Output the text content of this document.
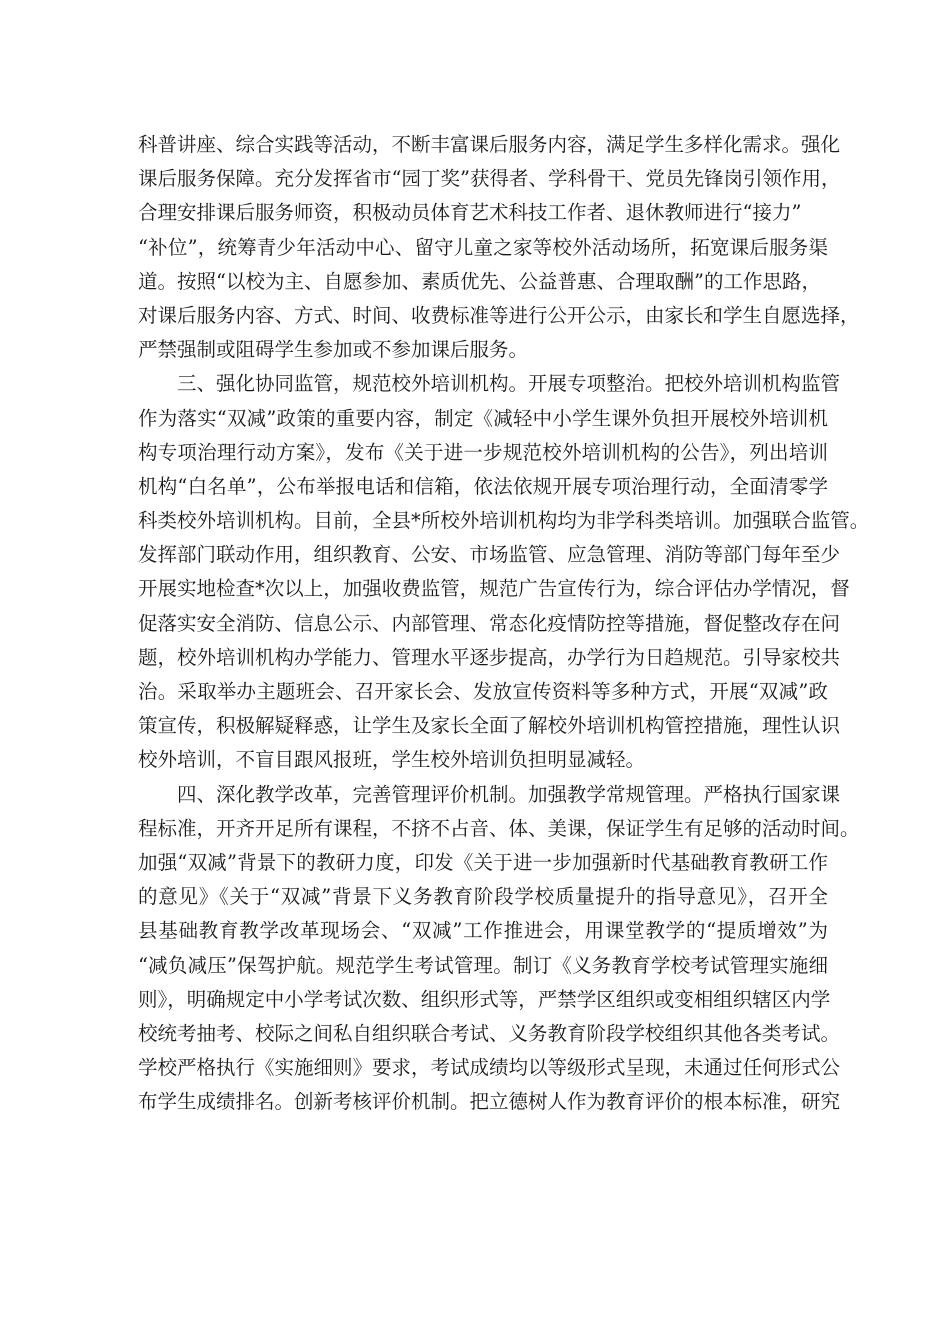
科普讲座、综合实践等活动，不断丰富课后服务内容，满足学生多样化需求。强化
课后服务保障。充分发挥省市“园丁奖”获得者、学科骨干、党员先锋岗引领作用，
合理安排课后服务师资，积极动员体育艺术科技工作者、退休教师进行“接力”
“补位”，统筹青少年活动中心、留守儿童之家等校外活动场所，拓宽课后服务渠
道。按照“以校为主、自愿参加、素质优先、公益普惠、合理取酬”的工作思路，
对课后服务内容、方式、时间、收费标准等进行公开公示，由家长和学生自愿选择，
严禁强制或阻碍学生参加或不参加课后服务。
三、强化协同监管，规范校外培训机构。开展专项整治。把校外培训机构监管
作为落实“双减”政策的重要内容，制定《减轻中小学生课外负担开展校外培训机
构专项治理行动方案》，发布《关于进一步规范校外培训机构的公告》，列出培训
机构“白名单”，公布举报电话和信箱，依法依规开展专项治理行动，全面清零学
科类校外培训机构。目前，全县*所校外培训机构均为非学科类培训。加强联合监管。
发挥部门联动作用，组织教育、公安、市场监管、应急管理、消防等部门每年至少
开展实地检查*次以上，加强收费监管，规范广告宣传行为，综合评估办学情况，督
促落实安全消防、信息公示、内部管理、常态化疫情防控等措施，督促整改存在问
题，校外培训机构办学能力、管理水平逐步提高，办学行为日趋规范。引导家校共
治。采取举办主题班会、召开家长会、发放宣传资料等多种方式，开展“双减”政
策宣传，积极解疑释惑，让学生及家长全面了解校外培训机构管控措施，理性认识
校外培训，不盲目跟风报班，学生校外培训负担明显减轻。
四、深化教学改革，完善管理评价机制。加强教学常规管理。严格执行国家课
程标准，开齐开足所有课程，不挤不占音、体、美课，保证学生有足够的活动时间。
加强“双减”背景下的教研力度，印发《关于进一步加强新时代基础教育教研工作
的意见》《关于“双减”背景下义务教育阶段学校质量提升的指导意见》，召开全
县基础教育教学改革现场会、“双减”工作推进会，用课堂教学的“提质增效”为
“减负减压”保驾护航。规范学生考试管理。制订《义务教育学校考试管理实施细
则》，明确规定中小学考试次数、组织形式等，严禁学区组织或变相组织辖区内学
校统考抽考、校际之间私自组织联合考试、义务教育阶段学校组织其他各类考试。
学校严格执行《实施细则》要求，考试成绩均以等级形式呈现，未通过任何形式公
布学生成绩排名。创新考核评价机制。把立德树人作为教育评价的根本标准，研究
